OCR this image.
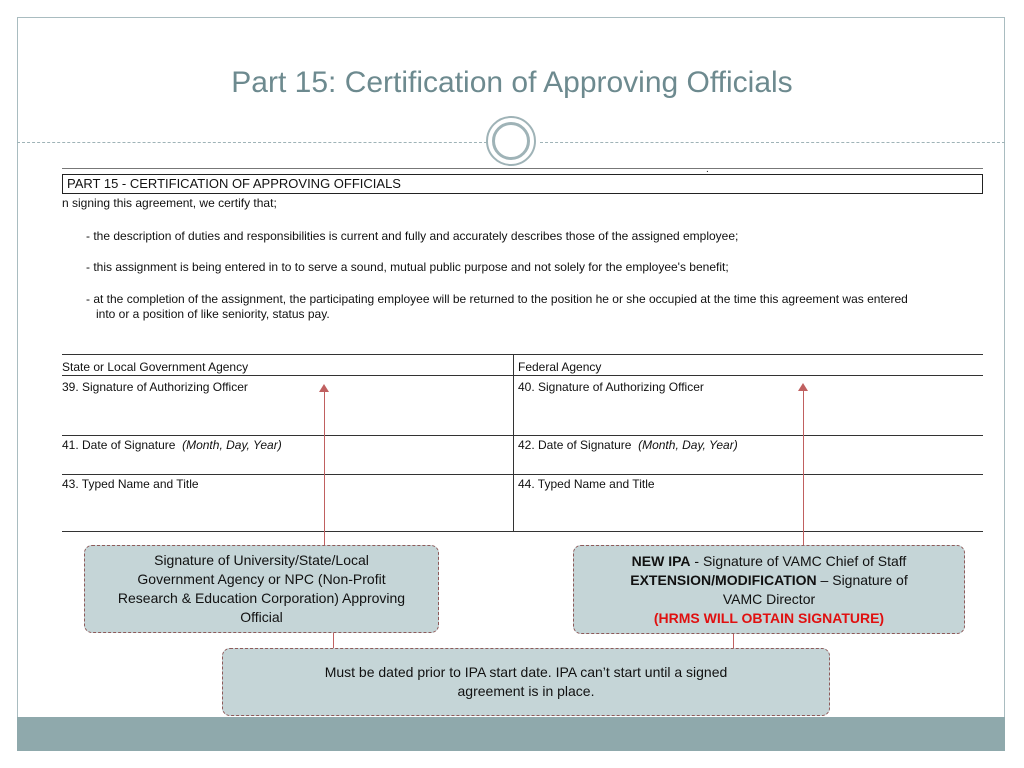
Part 15: Certification of Approving Officials
.
PART 15 - CERTIFICATION OF APPROVING OFFICIALS
n signing this agreement, we certify that;
- the description of duties and responsibilities is current and fully and accurately describes those of the assigned employee;
- this assignment is being entered in to to serve a sound, mutual public purpose and not solely for the employee's benefit;
- at the completion of the assignment, the participating employee will be returned to the position he or she occupied at the time this agreement was entered
into or a position of like seniority, status pay.
State or Local Government Agency
39. Signature of Authorizing Officer
41. Date of Signature (Month, Day, Year)
43. Typed Name and Title
Federal Agency
40. Signature of Authorizing Officer
42. Date of Signature (Month, Day, Year)
44. Typed Name and Title
Signature of University/State/Local
Government Agency or NPC (Non-Profit
Research & Education Corporation) Approving
Official
NEW IPA - Signature of VAMC Chief of Staff
EXTENSION/MODIFICATION – Signature of
VAMC Director
(HRMS WILL OBTAIN SIGNATURE)
Must be dated prior to IPA start date. IPA can’t start until a signed
agreement is in place.
